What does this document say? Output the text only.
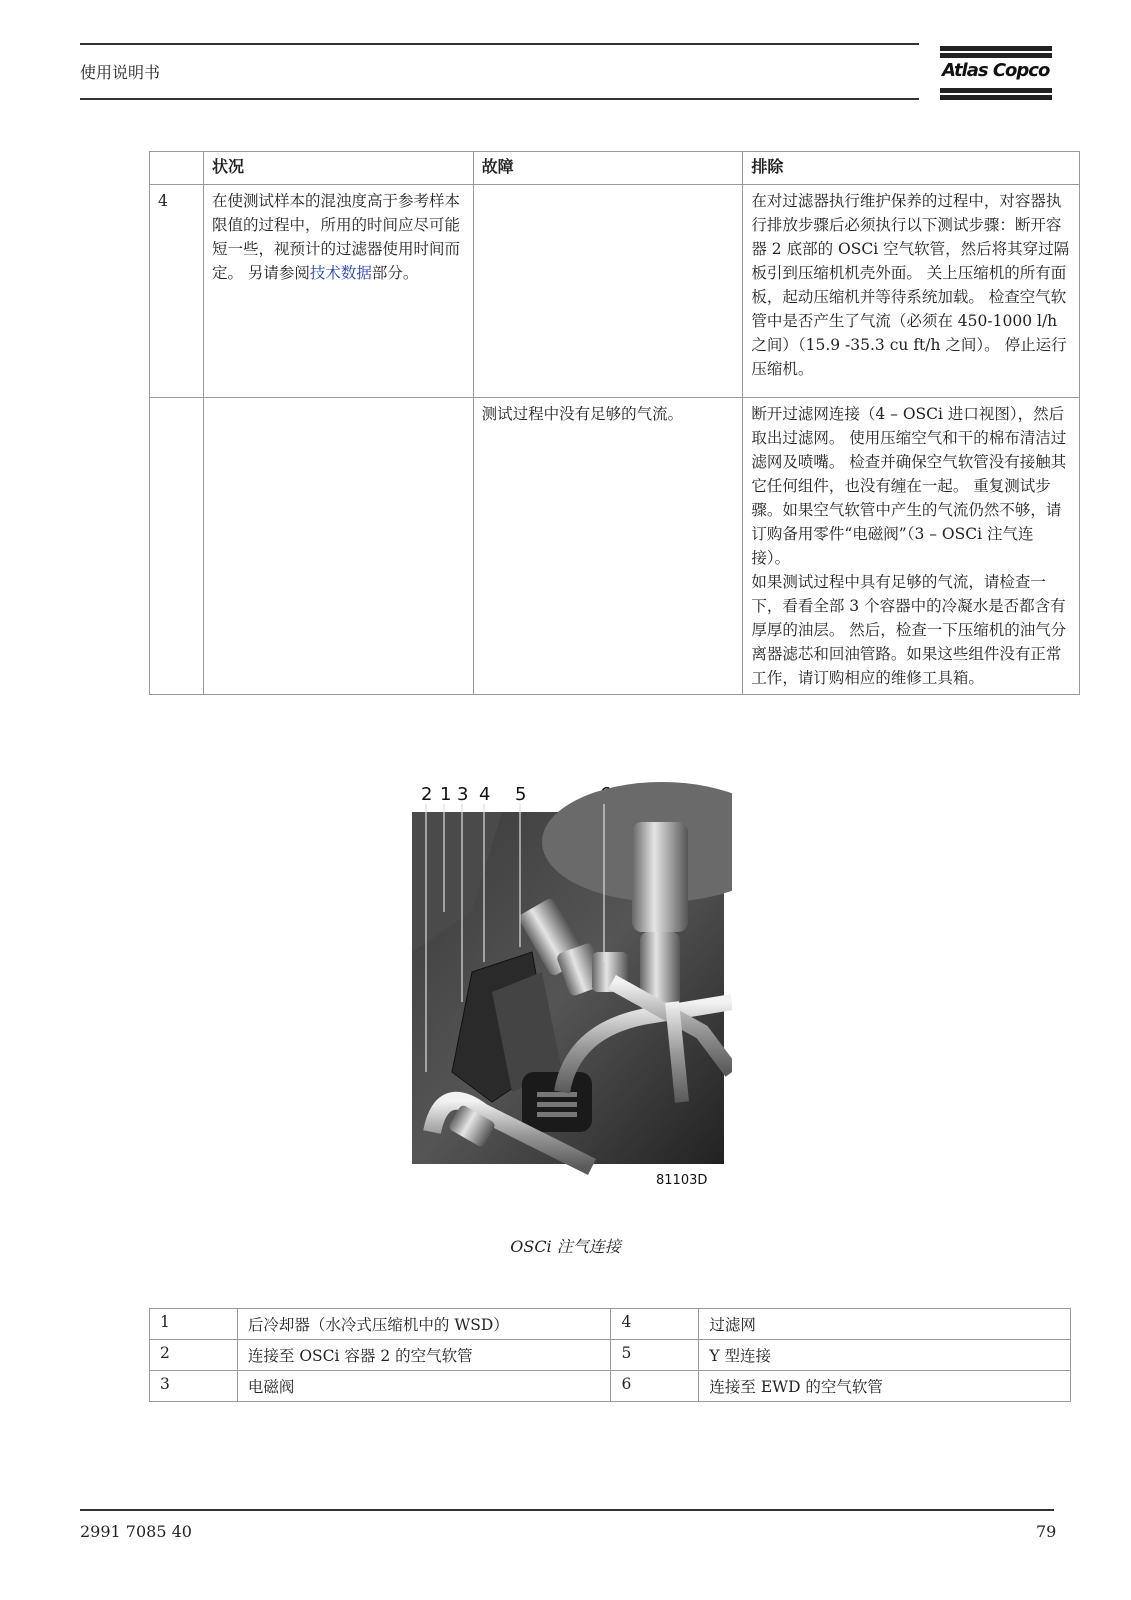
使用说明书	Atlas Copco
	状况	故障	排除
4	在使测试样本的混浊度高于参考样本限值的过程中，所用的时间应尽可能短一些，视预计的过滤器使用时间而定。 另请参阅技术数据部分。		在对过滤器执行维护保养的过程中，对容器执行排放步骤后必须执行以下测试步骤：断开容器 2 底部的 OSCi 空气软管，然后将其穿过隔板引到压缩机机壳外面。 关上压缩机的所有面板，起动压缩机并等待系统加载。 检查空气软管中是否产生了气流（必须在 450-1000 l/h 之间）（15.9 -35.3 cu ft/h 之间）。 停止运行压缩机。
		测试过程中没有足够的气流。	断开过滤网连接（4 – OSCi 进口视图），然后取出过滤网。 使用压缩空气和干的棉布清洁过滤网及喷嘴。 检查并确保空气软管没有接触其它任何组件，也没有缠在一起。 重复测试步骤。如果空气软管中产生的气流仍然不够，请订购备用零件“电磁阀”（3 – OSCi 注气连接）。
如果测试过程中具有足够的气流，请检查一下，看看全部 3 个容器中的冷凝水是否都含有厚厚的油层。 然后，检查一下压缩机的油气分离器滤芯和回油管路。如果这些组件没有正常工作，请订购相应的维修工具箱。
2 1 3 4 5
81103D
OSCi 注气连接
1	后冷却器（水冷式压缩机中的 WSD）	4	过滤网
2	连接至 OSCi 容器 2 的空气软管	5	Y 型连接
3	电磁阀	6	连接至 EWD 的空气软管
2991 7085 40	79
